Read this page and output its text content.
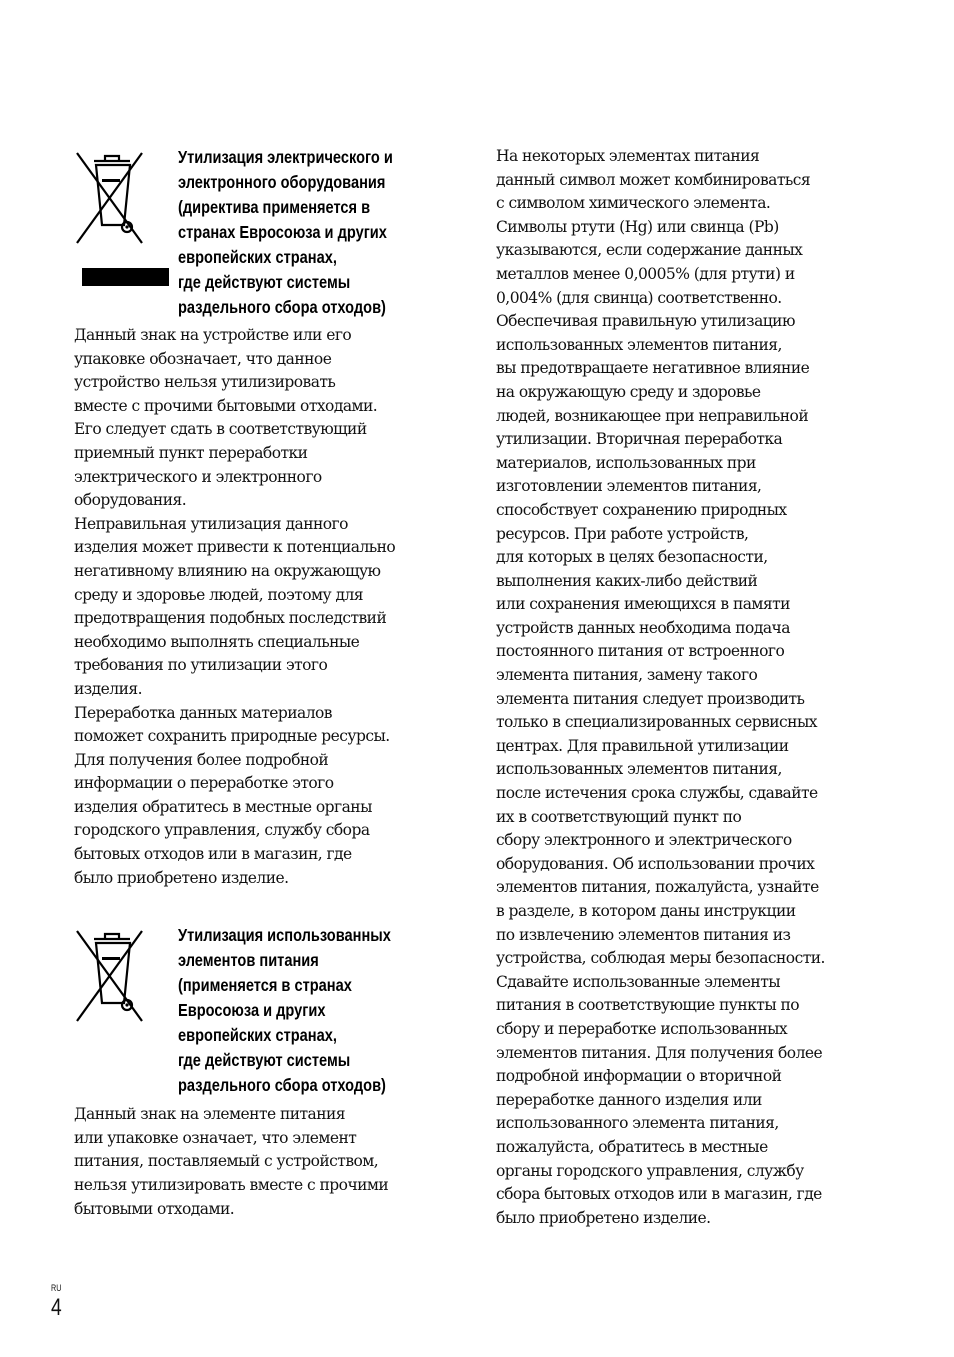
Утилизация электрического и
электронного оборудования
(директива применяется в
странах Евросоюза и других
европейских странах,
где действуют системы
раздельного сбора отходов)
Данный знак на устройстве или его
упаковке обозначает, что данное
устройство нельзя утилизировать
вместе с прочими бытовыми отходами.
Его следует сдать в соответствующий
приемный пункт переработки
электрического и электронного
оборудования.
Неправильная утилизация данного
изделия может привести к потенциально
негативному влиянию на окружающую
среду и здоровье людей, поэтому для
предотвращения подобных последствий
необходимо выполнять специальные
требования по утилизации этого
изделия.
Переработка данных материалов
поможет сохранить природные ресурсы.
Для получения более подробной
информации о переработке этого
изделия обратитесь в местные органы
городского управления, службу сбора
бытовых отходов или в магазин, где
было приобретено изделие.
Утилизация использованных
элементов питания
(применяется в странах
Евросоюза и других
европейских странах,
где действуют системы
раздельного сбора отходов)
Данный знак на элементе питания
или упаковке означает, что элемент
питания, поставляемый с устройством,
нельзя утилизировать вместе с прочими
бытовыми отходами.
На некоторых элементах питания
данный символ может комбинироваться
с символом химического элемента.
Символы ртути (Hg) или свинца (Pb)
указываются, если содержание данных
металлов менее 0,0005% (для ртути) и
0,004% (для свинца) соответственно.
Обеспечивая правильную утилизацию
использованных элементов питания,
вы предотвращаете негативное влияние
на окружающую среду и здоровье
людей, возникающее при неправильной
утилизации. Вторичная переработка
материалов, использованных при
изготовлении элементов питания,
способствует сохранению природных
ресурсов. При работе устройств,
для которых в целях безопасности,
выполнения каких-либо действий
или сохранения имеющихся в памяти
устройств данных необходима подача
постоянного питания от встроенного
элемента питания, замену такого
элемента питания следует производить
только в специализированных сервисных
центрах. Для правильной утилизации
использованных элементов питания,
после истечения срока службы, сдавайте
их в соответствующий пункт по
сбору электронного и электрического
оборудования. Об использовании прочих
элементов питания, пожалуйста, узнайте
в разделе, в котором даны инструкции
по извлечению элементов питания из
устройства, соблюдая меры безопасности.
Сдавайте использованные элементы
питания в соответствующие пункты по
сбору и переработке использованных
элементов питания. Для получения более
подробной информации о вторичной
переработке данного изделия или
использованного элемента питания,
пожалуйста, обратитесь в местные
органы городского управления, службу
сбора бытовых отходов или в магазин, где
было приобретено изделие.
RU
4
